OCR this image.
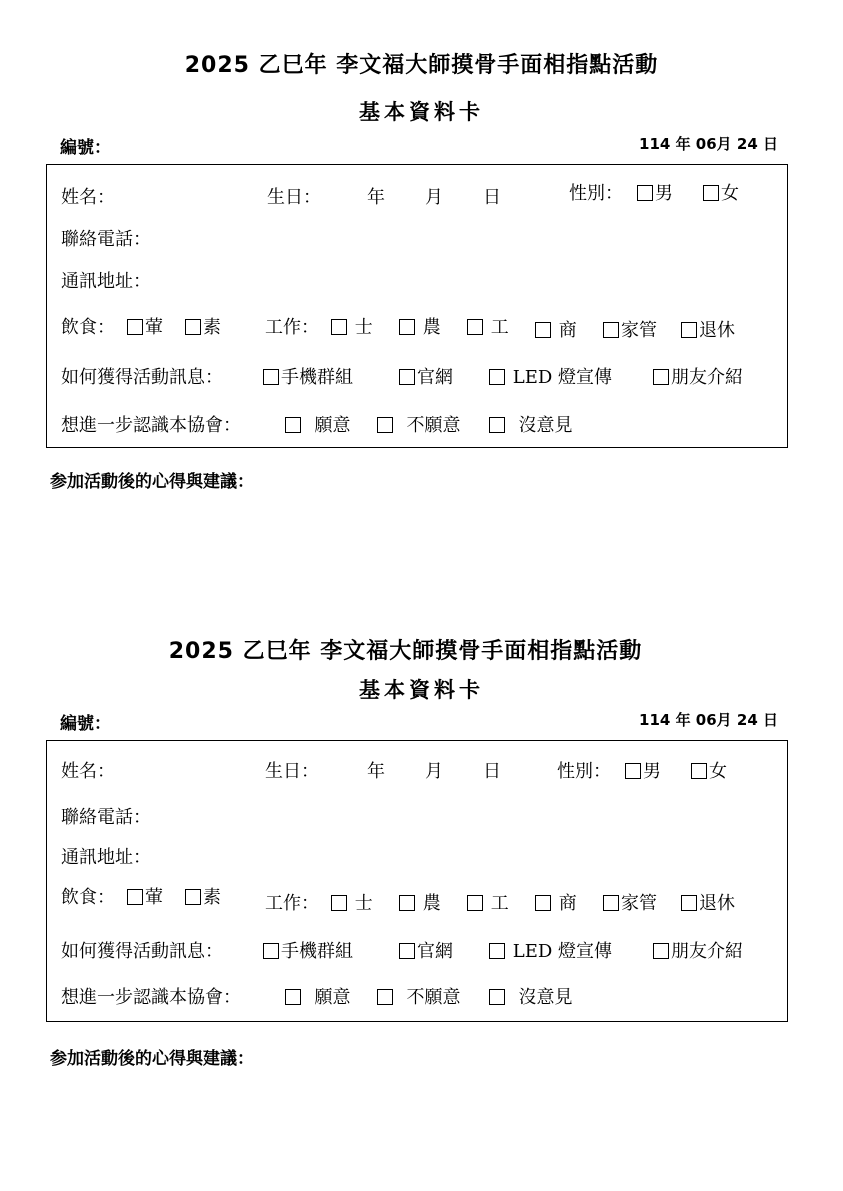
2025 乙巳年 李文福大師摸骨手面相指點活動
基本資料卡
編號：	114 年 06月 24 日
姓名：	生日：	年 月 日	性別：	男	女
聯絡電話：
通訊地址：
飲食：	葷	素 工作：	士	農	工	商	家管	退休
如何獲得活動訊息：	手機群組	官網	LED 燈宣傳	朋友介紹
想進一步認識本協會：	願意	不願意	沒意見
参加活動後的心得與建議：
2025 乙巳年 李文福大師摸骨手面相指點活動
基本資料卡
編號：	114 年 06月 24 日
姓名：	生日：	年 月 日	性別：	男	女
聯絡電話：
通訊地址：
飲食：	葷	素 工作：	士	農	工	商	家管	退休
如何獲得活動訊息：	手機群組	官網	LED 燈宣傳	朋友介紹
想進一步認識本協會：	願意	不願意	沒意見
参加活動後的心得與建議：
